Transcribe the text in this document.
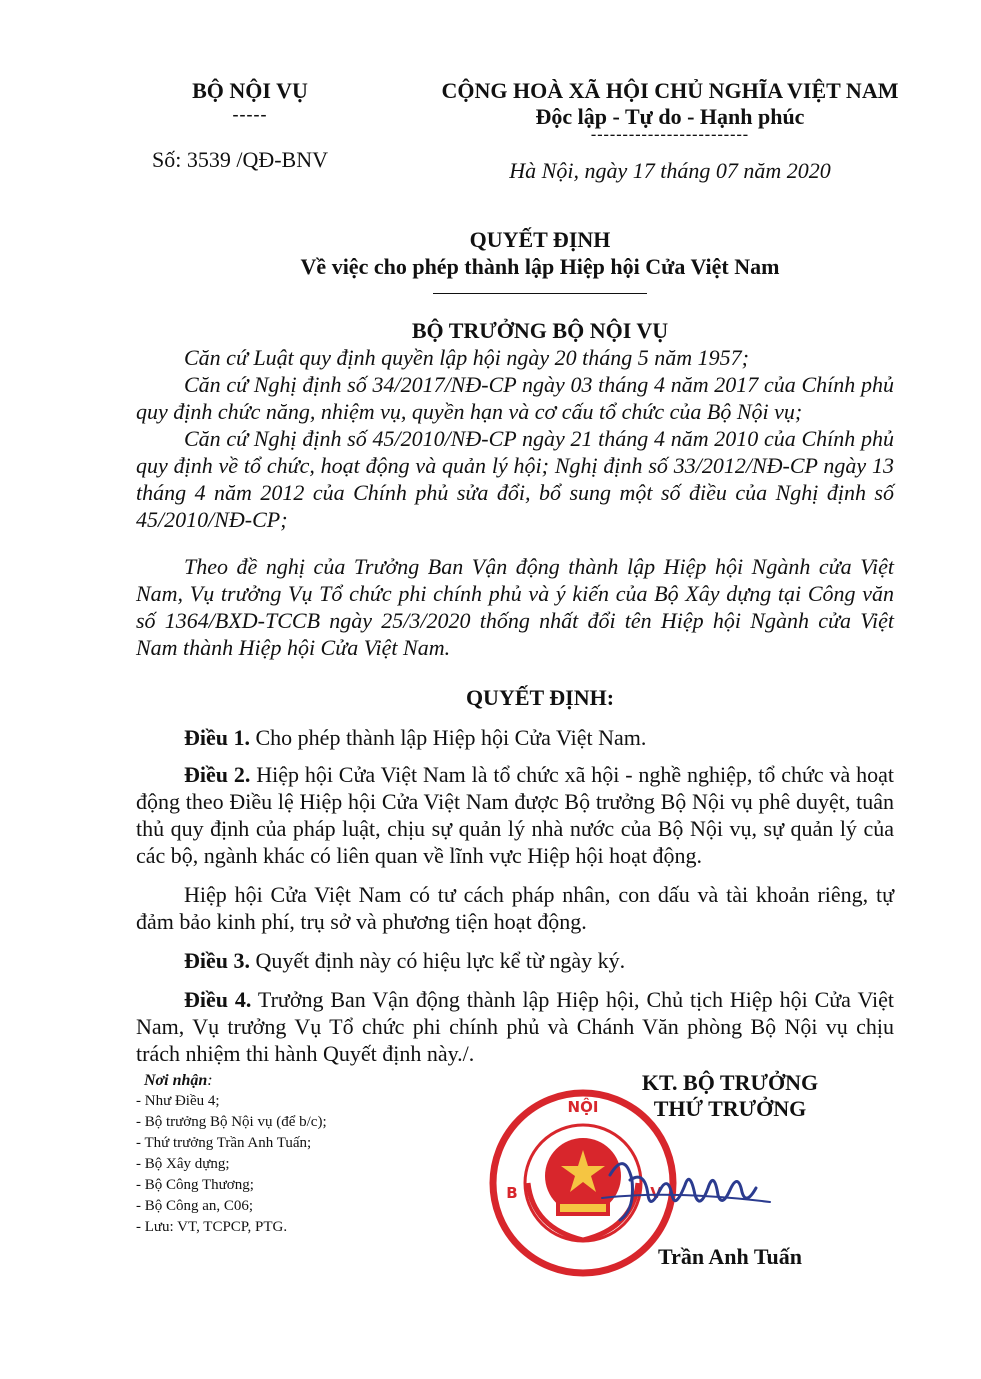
BỘ NỘI VỤ
-----
Số: 3539 /QĐ-BNV
CỘNG HOÀ XÃ HỘI CHỦ NGHĨA VIỆT NAM
Độc lập - Tự do - Hạnh phúc
-------------------------
Hà Nội, ngày 17 tháng 07 năm 2020
QUYẾT ĐỊNH
Về việc cho phép thành lập Hiệp hội Cửa Việt Nam
BỘ TRƯỞNG BỘ NỘI VỤ
Căn cứ Luật quy định quyền lập hội ngày 20 tháng 5 năm 1957;
Căn cứ Nghị định số 34/2017/NĐ-CP ngày 03 tháng 4 năm 2017 của Chính phủ quy định chức năng, nhiệm vụ, quyền hạn và cơ cấu tổ chức của Bộ Nội vụ;
Căn cứ Nghị định số 45/2010/NĐ-CP ngày 21 tháng 4 năm 2010 của Chính phủ quy định về tổ chức, hoạt động và quản lý hội; Nghị định số 33/2012/NĐ-CP ngày 13 tháng 4 năm 2012 của Chính phủ sửa đổi, bổ sung một số điều của Nghị định số 45/2010/NĐ-CP;
Theo đề nghị của Trưởng Ban Vận động thành lập Hiệp hội Ngành cửa Việt Nam, Vụ trưởng Vụ Tổ chức phi chính phủ và ý kiến của Bộ Xây dựng tại Công văn số 1364/BXD-TCCB ngày 25/3/2020 thống nhất đổi tên Hiệp hội Ngành cửa Việt Nam thành Hiệp hội Cửa Việt Nam.
QUYẾT ĐỊNH:
Điều 1. Cho phép thành lập Hiệp hội Cửa Việt Nam.
Điều 2. Hiệp hội Cửa Việt Nam là tổ chức xã hội - nghề nghiệp, tổ chức và hoạt động theo Điều lệ Hiệp hội Cửa Việt Nam được Bộ trưởng Bộ Nội vụ phê duyệt, tuân thủ quy định của pháp luật, chịu sự quản lý nhà nước của Bộ Nội vụ, sự quản lý của các bộ, ngành khác có liên quan về lĩnh vực Hiệp hội hoạt động.
Hiệp hội Cửa Việt Nam có tư cách pháp nhân, con dấu và tài khoản riêng, tự đảm bảo kinh phí, trụ sở và phương tiện hoạt động.
Điều 3. Quyết định này có hiệu lực kể từ ngày ký.
Điều 4. Trưởng Ban Vận động thành lập Hiệp hội, Chủ tịch Hiệp hội Cửa Việt Nam, Vụ trưởng Vụ Tổ chức phi chính phủ và Chánh Văn phòng Bộ Nội vụ chịu trách nhiệm thi hành Quyết định này./.
Nơi nhận:
- Như Điều 4;
- Bộ trưởng Bộ Nội vụ (để b/c);
- Thứ trưởng Trần Anh Tuấn;
- Bộ Xây dựng;
- Bộ Công Thương;
- Bộ Công an, C06;
- Lưu: VT, TCPCP, PTG.
NỘI
B	V
KT. BỘ TRƯỞNG
THỨ TRƯỞNG
Trần Anh Tuấn
